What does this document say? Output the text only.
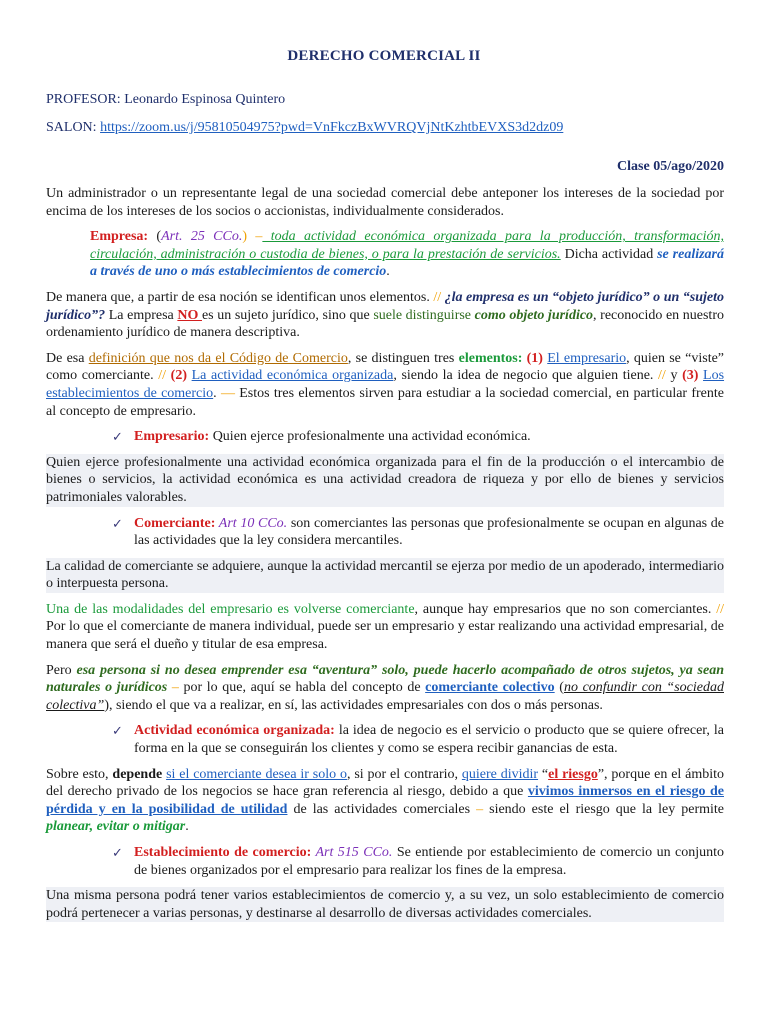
DERECHO COMERCIAL II
PROFESOR: Leonardo Espinosa Quintero
SALON: https://zoom.us/j/95810504975?pwd=VnFkczBxWVRQVjNtKzhtbEVXS3d2dz09
Clase 05/ago/2020

Un administrador o un representante legal de una sociedad comercial debe anteponer los intereses de la sociedad por encima de los intereses de los socios o accionistas, individualmente considerados.

Empresa: (Art. 25 CCo.) – toda actividad económica organizada para la producción, transformación, circulación, administración o custodia de bienes, o para la prestación de servicios. Dicha actividad se realizará a través de uno o más establecimientos de comercio.

De manera que, a partir de esa noción se identifican unos elementos. // ¿la empresa es un “objeto jurídico” o un “sujeto jurídico”? La empresa NO es un sujeto jurídico, sino que suele distinguirse como objeto jurídico, reconocido en nuestro ordenamiento jurídico de manera descriptiva.

De esa definición que nos da el Código de Comercio, se distinguen tres elementos: (1) El empresario, quien se “viste” como comerciante. // (2) La actividad económica organizada, siendo la idea de negocio que alguien tiene. // y (3) Los establecimientos de comercio. — Estos tres elementos sirven para estudiar a la sociedad comercial, en particular frente al concepto de empresario.

✓ Empresario: Quien ejerce profesionalmente una actividad económica.

Quien ejerce profesionalmente una actividad económica organizada para el fin de la producción o el intercambio de bienes o servicios, la actividad económica es una actividad creadora de riqueza y por ello de bienes y servicios patrimoniales valorables.

✓ Comerciante: Art 10 CCo. son comerciantes las personas que profesionalmente se ocupan en algunas de las actividades que la ley considera mercantiles.

La calidad de comerciante se adquiere, aunque la actividad mercantil se ejerza por medio de un apoderado, intermediario o interpuesta persona.

Una de las modalidades del empresario es volverse comerciante, aunque hay empresarios que no son comerciantes. // Por lo que el comerciante de manera individual, puede ser un empresario y estar realizando una actividad empresarial, de manera que será el dueño y titular de esa empresa.

Pero esa persona si no desea emprender esa “aventura” solo, puede hacerlo acompañado de otros sujetos, ya sean naturales o jurídicos – por lo que, aquí se habla del concepto de comerciante colectivo (no confundir con “sociedad colectiva”), siendo el que va a realizar, en sí, las actividades empresariales con dos o más personas.

✓ Actividad económica organizada: la idea de negocio es el servicio o producto que se quiere ofrecer, la forma en la que se conseguirán los clientes y como se espera recibir ganancias de esta.

Sobre esto, depende si el comerciante desea ir solo o, si por el contrario, quiere dividir “el riesgo”, porque en el ámbito del derecho privado de los negocios se hace gran referencia al riesgo, debido a que vivimos inmersos en el riesgo de pérdida y en la posibilidad de utilidad de las actividades comerciales – siendo este el riesgo que la ley permite planear, evitar o mitigar.

✓ Establecimiento de comercio: Art 515 CCo. Se entiende por establecimiento de comercio un conjunto de bienes organizados por el empresario para realizar los fines de la empresa.

Una misma persona podrá tener varios establecimientos de comercio y, a su vez, un solo establecimiento de comercio podrá pertenecer a varias personas, y destinarse al desarrollo de diversas actividades comerciales.
